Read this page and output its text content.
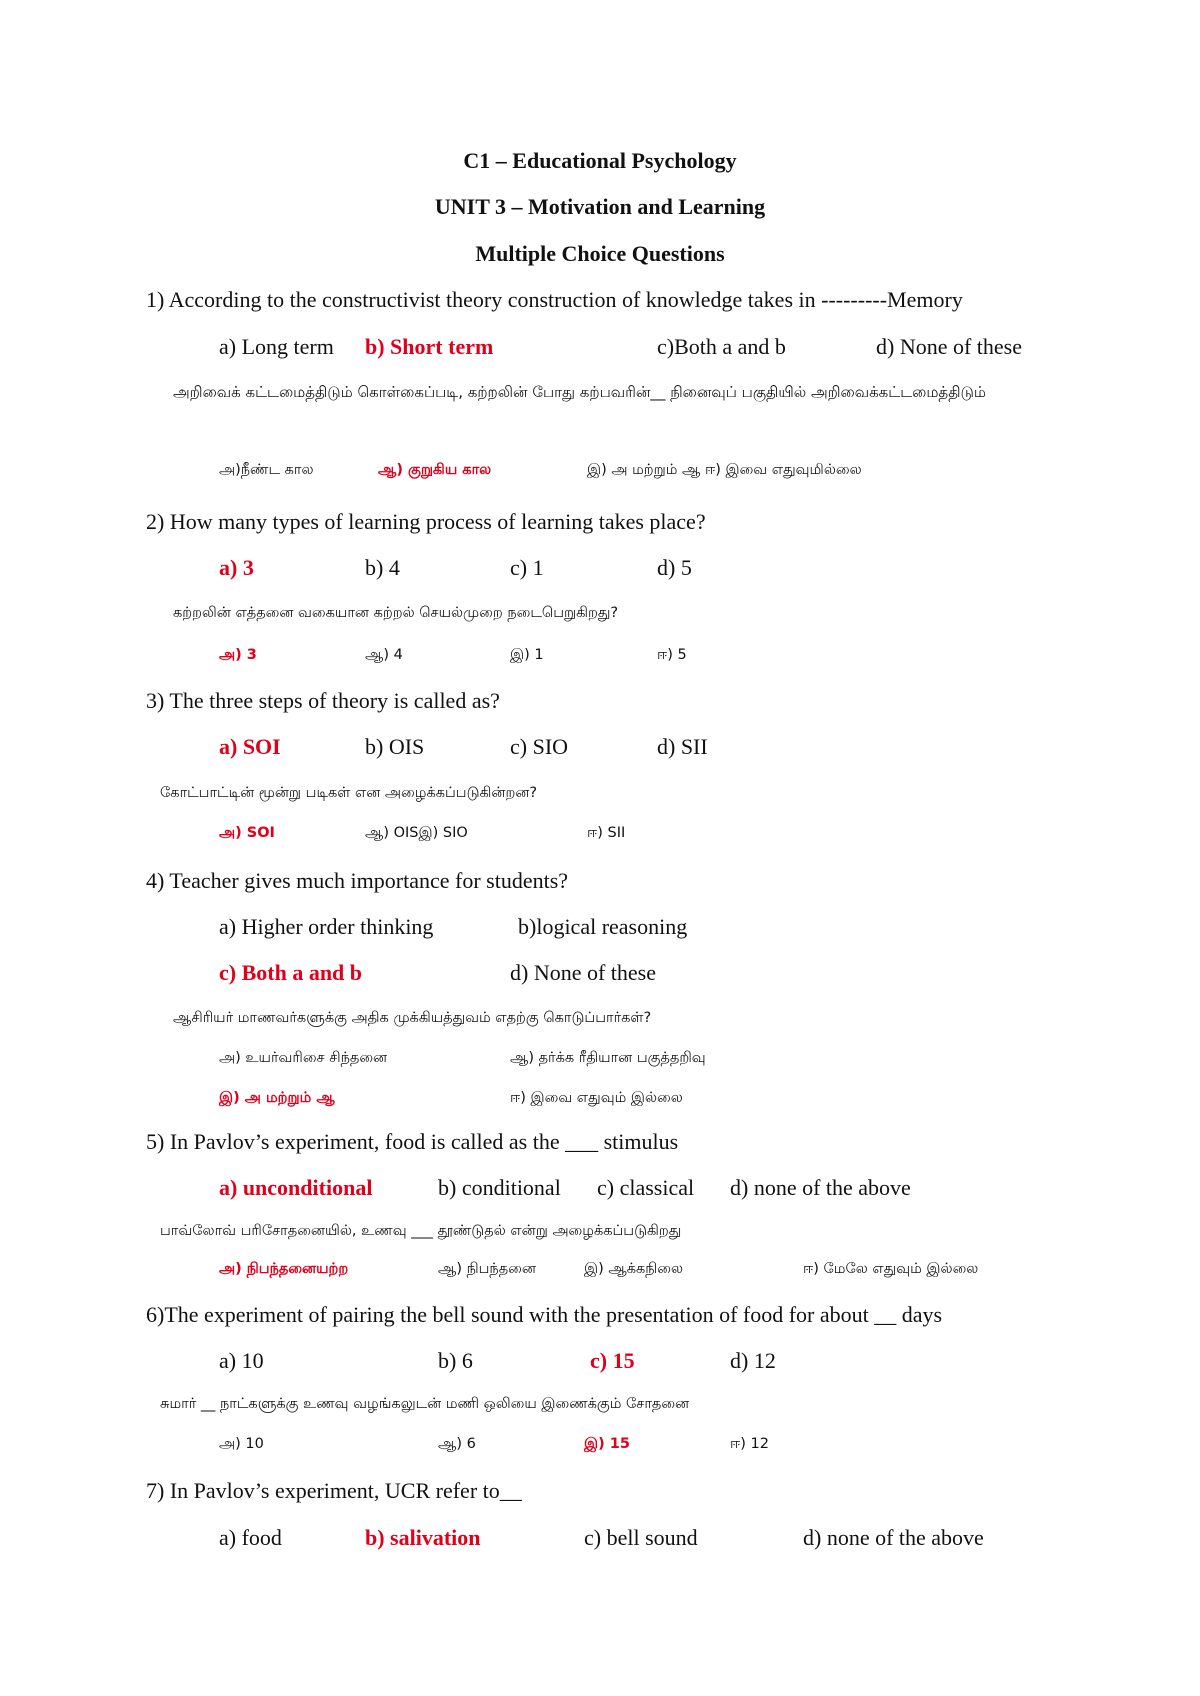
C1 – Educational Psychology
UNIT 3 – Motivation and Learning
Multiple Choice Questions
1) According to the constructivist theory construction of knowledge takes in ---------Memory
a) Long term b) Short term	c)Both a and b	d) None of these
அறிவைக் கட்டமைத்திடும் கொள்கைப்படி, கற்றலின் போது கற்பவரின்__ நினைவுப் பகுதியில் அறிவைக்கட்டமைத்திடும்
அ)நீண்ட கால	ஆ) குறுகிய கால	இ) அ மற்றும் ஆ ஈ) இவை எதுவுமில்லை
2) How many types of learning process of learning takes place?
a) 3	b) 4	c) 1	d) 5
கற்றலின் எத்தனை வகையான கற்றல் செயல்முறை நடைபெறுகிறது?
அ) 3	ஆ) 4	இ) 1	ஈ) 5
3) The three steps of theory is called as?
a) SOI	b) OIS	c) SIO	d) SII
கோட்பாட்டின் மூன்று படிகள் என அழைக்கப்படுகின்றன?
அ) SOI	ஆ) OISஇ) SIO	ஈ) SII
4) Teacher gives much importance for students?
a) Higher order thinking	b)logical reasoning
c) Both a and b	d) None of these
ஆசிரியர் மாணவர்களுக்கு அதிக முக்கியத்துவம் எதற்கு கொடுப்பார்கள்?
அ) உயர்வரிசை சிந்தனை	ஆ) தர்க்க ரீதியான பகுத்தறிவு
இ) அ மற்றும் ஆ	ஈ) இவை எதுவும் இல்லை
5) In Pavlov’s experiment, food is called as the ___ stimulus
a) unconditional	b) conditional c) classical d) none of the above
பாவ்லோவ் பரிசோதனையில், உணவு ___ தூண்டுதல் என்று அழைக்கப்படுகிறது
அ) நிபந்தனையற்ற	ஆ) நிபந்தனை	இ) ஆக்கநிலை	ஈ) மேலே எதுவும் இல்லை
6)The experiment of pairing the bell sound with the presentation of food for about __ days
a) 10	b) 6	c) 15	d) 12
சுமார் __ நாட்களுக்கு உணவு வழங்கலுடன் மணி ஒலியை இணைக்கும் சோதனை
அ) 10	ஆ) 6	இ) 15	ஈ) 12
7) In Pavlov’s experiment, UCR refer to__
a) food	b) salivation	c) bell sound	d) none of the above
